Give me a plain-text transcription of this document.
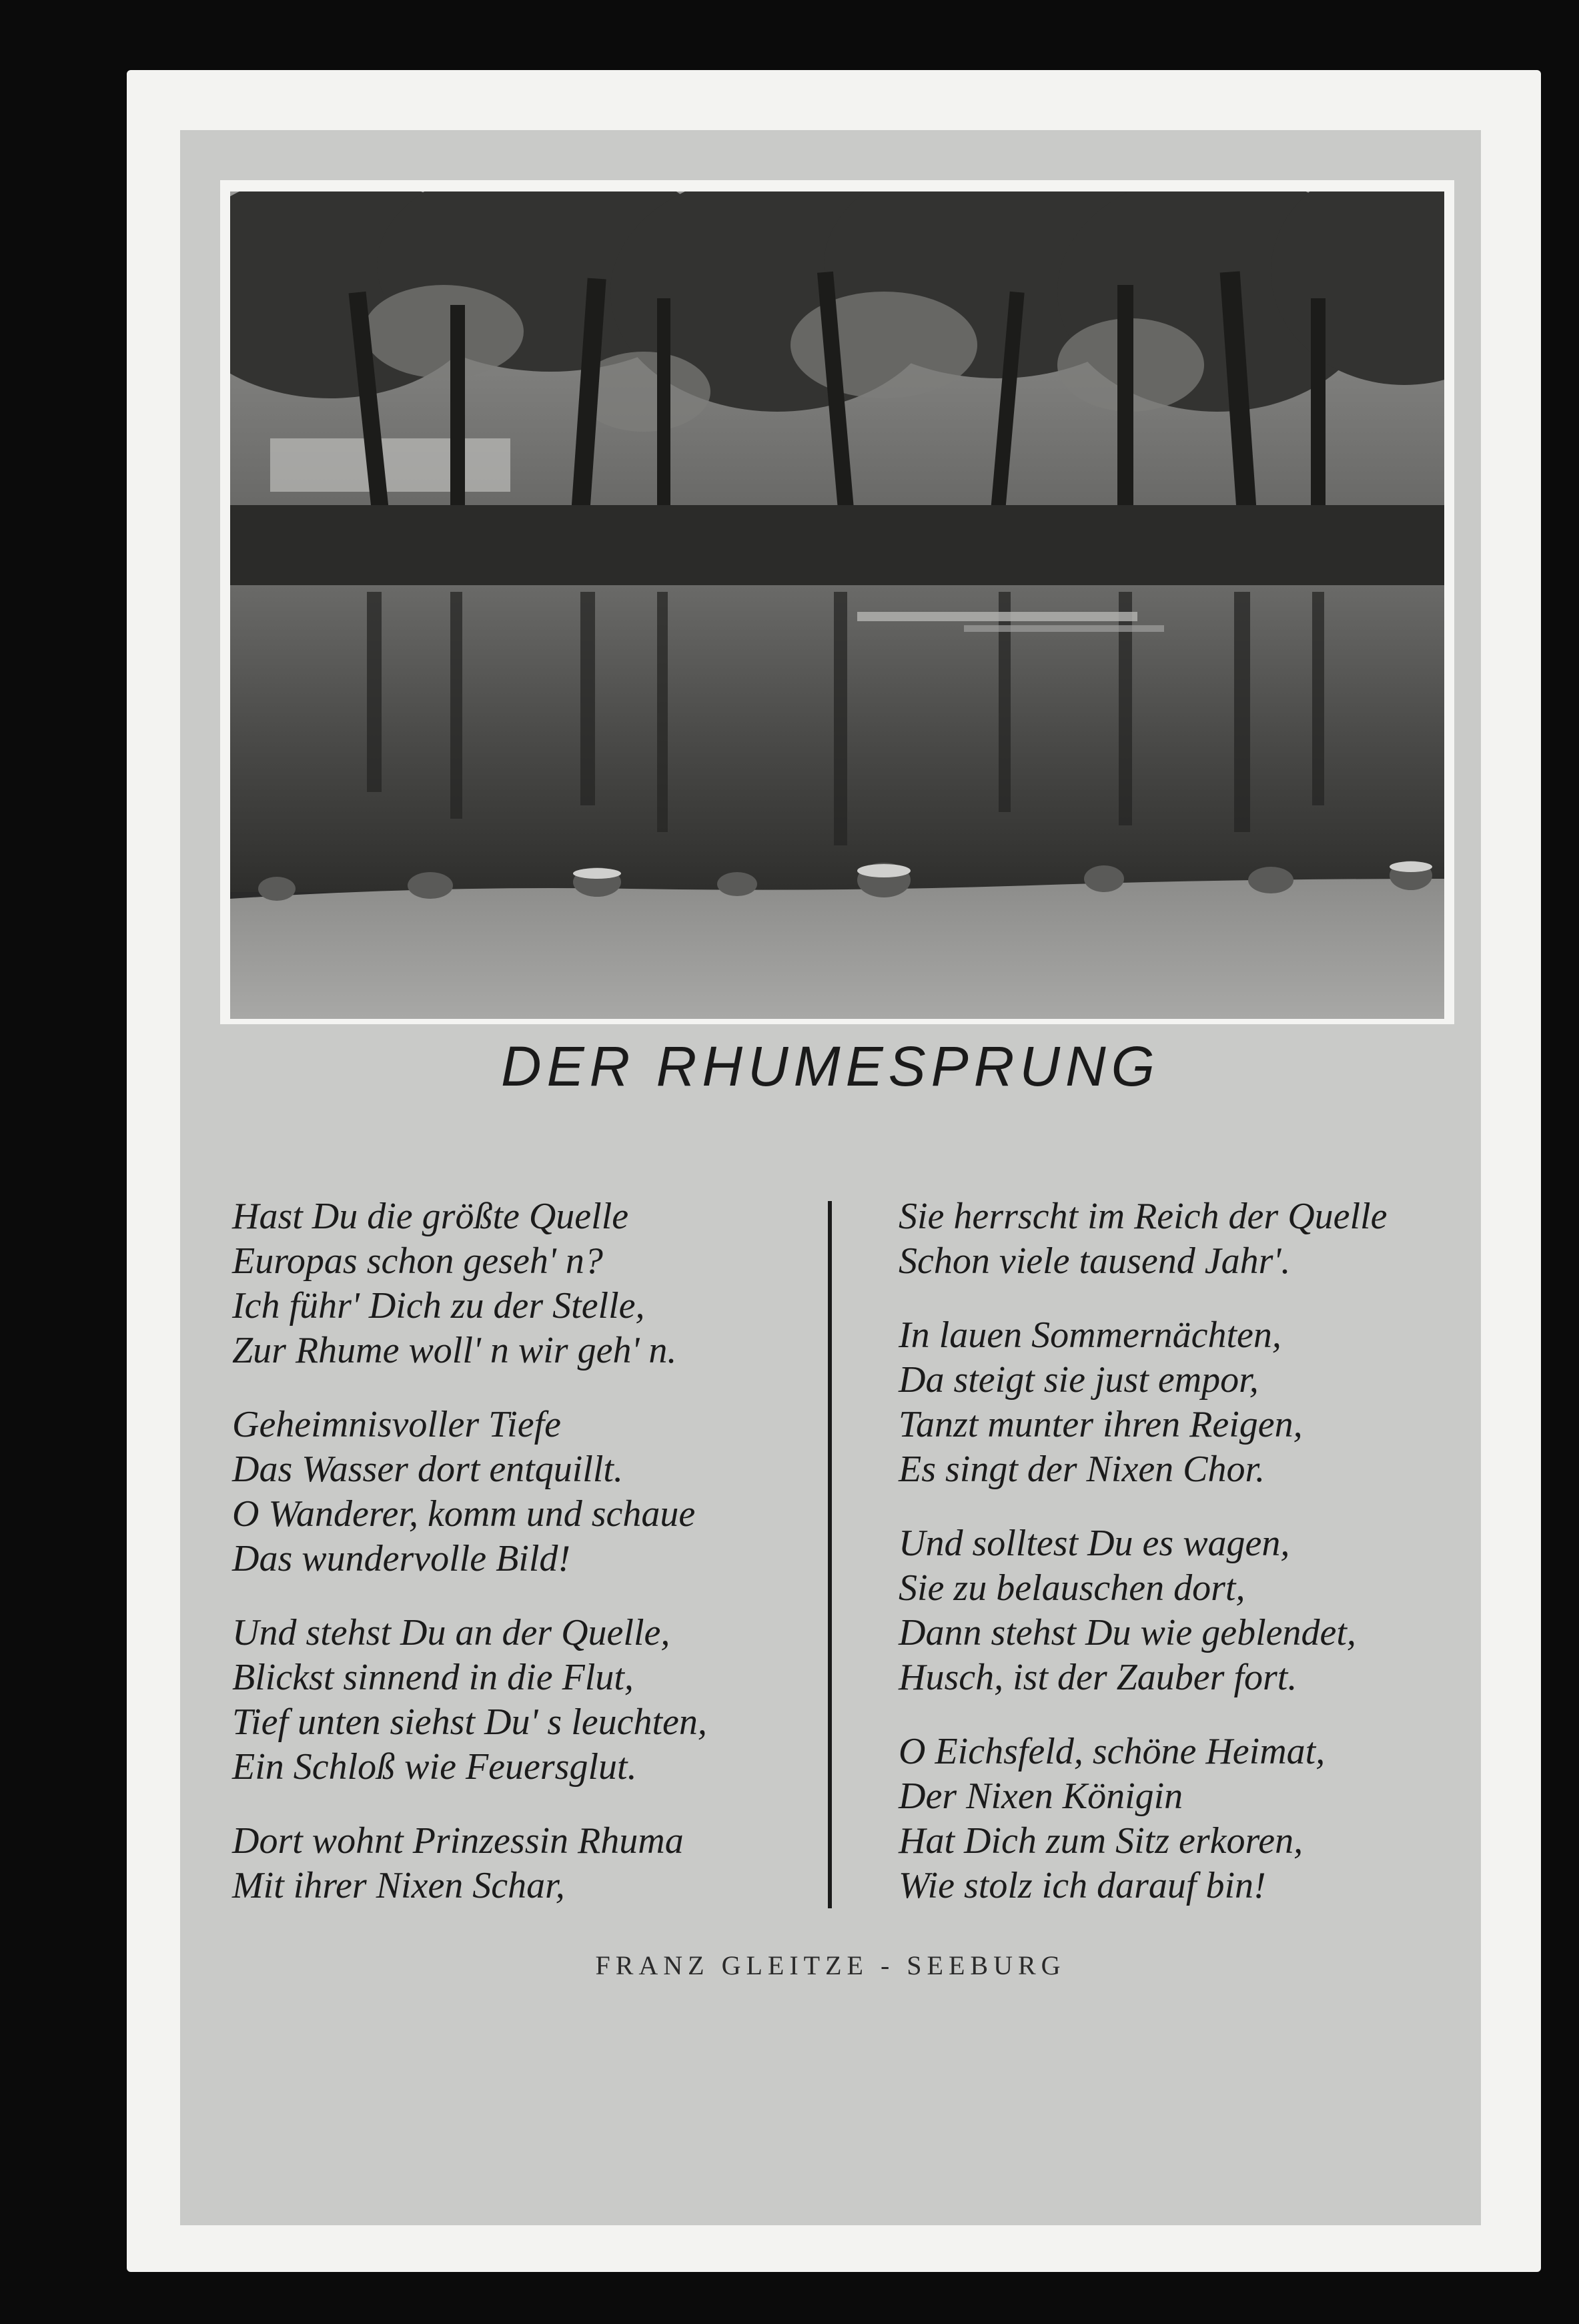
DER RHUMESPRUNG
Hast Du die größte Quelle
Europas schon geseh' n?
Ich führ' Dich zu der Stelle,
Zur Rhume woll' n wir geh' n.
Geheimnisvoller Tiefe
Das Wasser dort entquillt.
O Wanderer, komm und schaue
Das wundervolle Bild!
Und stehst Du an der Quelle,
Blickst sinnend in die Flut,
Tief unten siehst Du' s leuchten,
Ein Schloß wie Feuersglut.
Dort wohnt Prinzessin Rhuma
Mit ihrer Nixen Schar,
Sie herrscht im Reich der Quelle
Schon viele tausend Jahr'.
In lauen Sommernächten,
Da steigt sie just empor,
Tanzt munter ihren Reigen,
Es singt der Nixen Chor.
Und solltest Du es wagen,
Sie zu belauschen dort,
Dann stehst Du wie geblendet,
Husch, ist der Zauber fort.
O Eichsfeld, schöne Heimat,
Der Nixen Königin
Hat Dich zum Sitz erkoren,
Wie stolz ich darauf bin!
FRANZ GLEITZE - SEEBURG
